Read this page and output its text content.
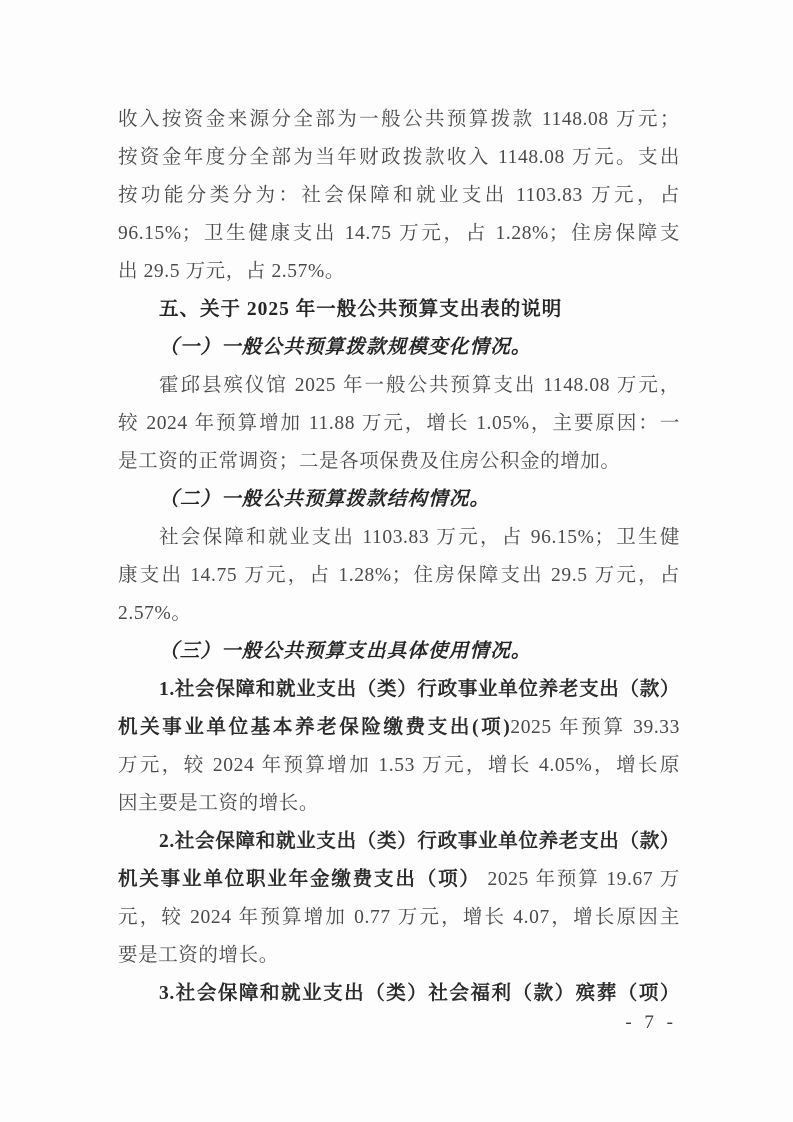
收入按资金来源分全部为一般公共预算拨款 1148.08 万元；
按资金年度分全部为当年财政拨款收入 1148.08 万元。支出
按功能分类分为：社会保障和就业支出 1103.83 万元，占
96.15%；卫生健康支出 14.75 万元，占 1.28%；住房保障支
出 29.5 万元，占 2.57%。
五、关于 2025 年一般公共预算支出表的说明
（一）一般公共预算拨款规模变化情况。
霍邱县殡仪馆 2025 年一般公共预算支出 1148.08 万元，
较 2024 年预算增加 11.88 万元，增长 1.05%，主要原因：一
是工资的正常调资；二是各项保费及住房公积金的增加。
（二）一般公共预算拨款结构情况。
社会保障和就业支出 1103.83 万元，占 96.15%；卫生健
康支出 14.75 万元，占 1.28%；住房保障支出 29.5 万元，占
2.57%。
（三）一般公共预算支出具体使用情况。
1.社会保障和就业支出（类）行政事业单位养老支出（款）
机关事业单位基本养老保险缴费支出(项)2025 年预算 39.33
万元，较 2024 年预算增加 1.53 万元，增长 4.05%，增长原
因主要是工资的增长。
2.社会保障和就业支出（类）行政事业单位养老支出（款）
机关事业单位职业年金缴费支出（项） 2025 年预算 19.67 万
元，较 2024 年预算增加 0.77 万元，增长 4.07，增长原因主
要是工资的增长。
3.社会保障和就业支出（类）社会福利（款）殡葬（项）
- 7 -
